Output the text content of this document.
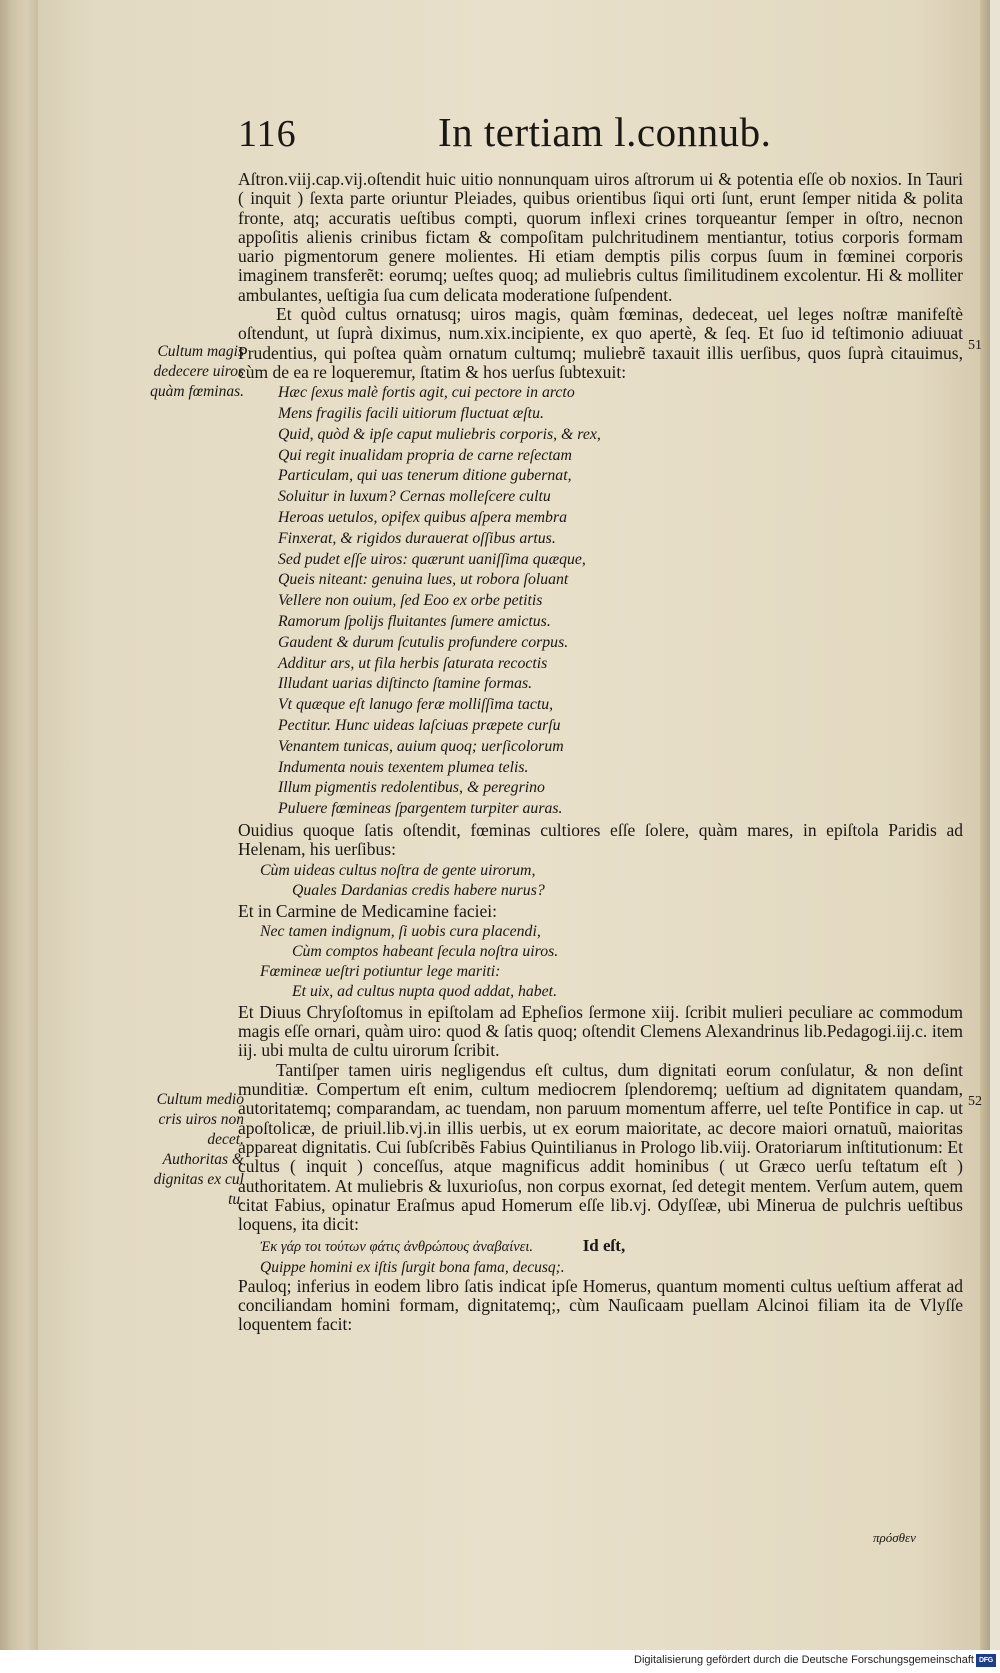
116	In tertiam l.connub.
Cultum magis dedecere uiros quàm fœminas.
Cultum medio cris uiros non decet.
Authoritas & dignitas ex cul tu.
51
52

Aſtron.viij.cap.vij.oſtendit huic uitio nonnunquam uiros aſtrorum ui & potentia eſſe ob noxios. In Tauri ( inquit ) ſexta parte oriuntur Pleiades, quibus orientibus ſiqui orti ſunt, erunt ſemper nitida & polita fronte, atq; accuratis ueſtibus compti, quorum inflexi crines torqueantur ſemper in oſtro, necnon appoſitis alienis crinibus fictam & compoſitam pulchritudinem mentiantur, totius corporis formam uario pigmentorum genere molientes. Hi etiam demptis pilis corpus ſuum in fœminei corporis imaginem transferẽt: eorumq; ueſtes quoq; ad muliebris cultus ſimilitudinem excolentur. Hi & molliter ambulantes, ueſtigia ſua cum delicata moderatione ſuſpendent.

Et quòd cultus ornatusq; uiros magis, quàm fœminas, dedeceat, uel leges noſtræ manifeſtè oſtendunt, ut ſuprà diximus, num.xix.incipiente, ex quo apertè, & ſeq. Et ſuo id teſtimonio adiuuat Prudentius, qui poſtea quàm ornatum cultumq; muliebrẽ taxauit illis uerſibus, quos ſuprà citauimus, cùm de ea re loqueremur, ſtatim & hos uerſus ſubtexuit:

Hæc ſexus malè fortis agit, cui pectore in arcto
Mens fragilis facili uitiorum fluctuat æſtu.
Quid, quòd & ipſe caput muliebris corporis, & rex,
Qui regit inualidam propria de carne reſectam
Particulam, qui uas tenerum ditione gubernat,
Soluitur in luxum? Cernas molleſcere cultu
Heroas uetulos, opifex quibus aſpera membra
Finxerat, & rigidos durauerat oſſibus artus.
Sed pudet eſſe uiros: quærunt uaniſſima quæque,
Queis niteant: genuina lues, ut robora ſoluant
Vellere non ouium, ſed Eoo ex orbe petitis
Ramorum ſpolijs fluitantes ſumere amictus.
Gaudent & durum ſcutulis profundere corpus.
Additur ars, ut fila herbis ſaturata recoctis
Illudant uarias diſtincto ſtamine formas.
Vt quæque eſt lanugo feræ molliſſima tactu,
Pectitur. Hunc uideas laſciuas præpete curſu
Venantem tunicas, auium quoq; uerſicolorum
Indumenta nouis texentem plumea telis.
Illum pigmentis redolentibus, & peregrino
Puluere fœmineas ſpargentem turpiter auras.

Ouidius quoque ſatis oſtendit, fœminas cultiores eſſe ſolere, quàm mares, in epiſtola Paridis ad Helenam, his uerſibus:

Cùm uideas cultus noſtra de gente uirorum,
Quales Dardanias credis habere nurus?

Et in Carmine de Medicamine faciei:

Nec tamen indignum, ſi uobis cura placendi,
Cùm comptos habeant ſecula noſtra uiros.
Fœmineæ ueſtri potiuntur lege mariti:
Et uix, ad cultus nupta quod addat, habet.

Et Diuus Chryſoſtomus in epiſtolam ad Epheſios ſermone xiij. ſcribit mulieri peculiare ac commodum magis eſſe ornari, quàm uiro: quod & ſatis quoq; oſtendit Clemens Alexandrinus lib.Pedagogi.iij.c. item iij. ubi multa de cultu uirorum ſcribit.

Tantiſper tamen uiris negligendus eſt cultus, dum dignitati eorum conſulatur, & non deſint munditiæ. Compertum eſt enim, cultum mediocrem ſplendoremq; ueſtium ad dignitatem quandam, autoritatemq; comparandam, ac tuendam, non paruum momentum afferre, uel teſte Pontifice in cap. ut apoſtolicæ, de priuil.lib.vj.in illis uerbis, ut ex eorum maioritate, ac decore maiori ornatuũ, maioritas appareat dignitatis. Cui ſubſcribẽs Fabius Quintilianus in Prologo lib.viij. Oratoriarum inſtitutionum: Et cultus ( inquit ) conceſſus, atque magnificus addit hominibus ( ut Græco uerſu teſtatum eſt ) authoritatem. At muliebris & luxurioſus, non corpus exornat, ſed detegit mentem. Verſum autem, quem citat Fabius, opinatur Eraſmus apud Homerum eſſe lib.vj. Odyſſeæ, ubi Minerua de pulchris ueſtibus loquens, ita dicit:

Ἐκ γάρ τοι τούτων φάτις ἀνθρώπους ἀναβαίνει.	Id eſt,
Quippe homini ex iſtis ſurgit bona fama, decusq;.

Pauloq; inferius in eodem libro ſatis indicat ipſe Homerus, quantum momenti cultus ueſtium afferat ad conciliandam homini formam, dignitatemq;, cùm Nauſicaam puellam Alcinoi filiam ita de Vlyſſe loquentem facit:

πρόσθεν
Digitalisierung gefördert durch die Deutsche Forschungsgemeinschaft DFG
